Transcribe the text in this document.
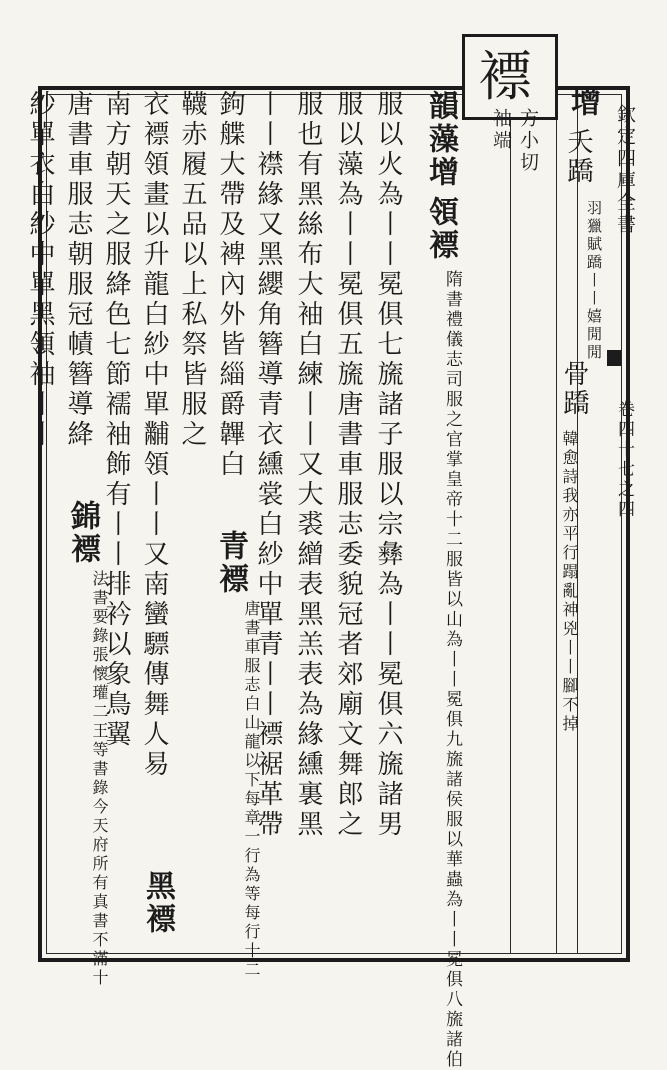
欽定四庫全書
卷四十七之四
褾
方小切
袖端
增
夭蹻
羽獵賦蹻丨丨嬉閒閒
骨蹻
韓愈詩我亦平行蹋亂神兇丨丨腳不掉
韻藻增
領褾
隋書禮儀志司服之官掌皇帝十二服皆以山為丨丨冕俱九旒諸侯服以華蟲為丨丨冕俱八旒諸伯
服以火為丨丨冕俱七旒諸子服以宗彝為丨丨冕俱六旒諸男
服以藻為丨丨冕俱五旒唐書車服志委貌冠者郊廟文舞郎之
服也有黑絲布大袖白練丨丨又大裘繒表黑羔表為緣纁裏黑
丨丨襟緣又黑纓角簪導青衣纁裳白紗中單青丨丨褾裾革帶
鉤艓大帶及裨內外皆緇爵韠白
韈赤履五品以上私祭皆服之
衣褾領畫以升龍白紗中單黼領丨丨又南蠻驃傳舞人易
南方朝天之服絳色七節襦袖飾有丨丨排衿以象鳥翼
唐書車服志朝服冠幘簪導絳
紗單衣白紗中單黑領袖丨丨
青褾
唐書車服志白山龍以下每章一行為等每行十二
黑褾
錦褾
法書要錄張懷瓘二王等書錄今天府所有真書不滿十
